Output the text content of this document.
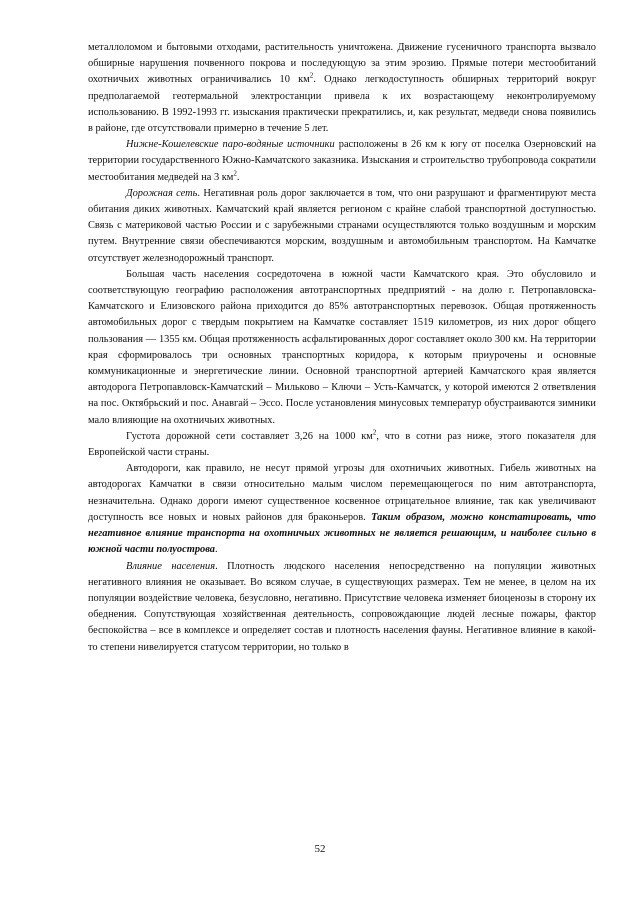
металлоломом и бытовыми отходами, растительность уничтожена. Движение гусеничного транспорта вызвало обширные нарушения почвенного покрова и последующую за этим эрозию. Прямые потери местообитаний охотничьих животных ограничивались 10 $км^2$. Однако легкодоступность обширных территорий вокруг предполагаемой геотермальной электростанции привела к их возрастающему неконтролируемому использованию. В 1992-1993 гг. изыскания практически прекратились, и, как результат, медведи снова появились в районе, где отсутствовали примерно в течение 5 лет.

Нижне-Кошелевские паро-водяные источники расположены в 26 км к югу от поселка Озерновский на территории государственного Южно-Камчатского заказника. Изыскания и строительство трубопровода сократили местообитания медведей на 3 $км^2$.

Дорожная сеть. Негативная роль дорог заключается в том, что они разрушают и фрагментируют места обитания диких животных. Камчатский край является регионом с крайне слабой транспортной доступностью. Связь с материковой частью России и с зарубежными странами осуществляются только воздушным и морским путем. Внутренние связи обеспечиваются морским, воздушным и автомобильным транспортом. На Камчатке отсутствует железнодорожный транспорт.

Большая часть населения сосредоточена в южной части Камчатского края. Это обусловило и соответствующую географию расположения автотранспортных предприятий - на долю г. Петропавловска-Камчатского и Елизовского района приходится до 85% автотранспортных перевозок. Общая протяженность автомобильных дорог с твердым покрытием на Камчатке составляет 1519 километров, из них дорог общего пользования — 1355 км. Общая протяженность асфальтированных дорог составляет около 300 км. На территории края сформировалось три основных транспортных коридора, к которым приурочены и основные коммуникационные и энергетические линии. Основной транспортной артерией Камчатского края является автодорога Петропавловск-Камчатский – Мильково – Ключи – Усть-Камчатск, у которой имеются 2 ответвления на пос. Октябрьский и пос. Анавгай – Эссо. После установления минусовых температур обустраиваются зимники мало влияющие на охотничьих животных.

Густота дорожной сети составляет 3,26 на 1000 $км^2$, что в сотни раз ниже, этого показателя для Европейской части страны.

Автодороги, как правило, не несут прямой угрозы для охотничьих животных. Гибель животных на автодорогах Камчатки в связи относительно малым числом перемещающегося по ним автотранспорта, незначительна. Однако дороги имеют существенное косвенное отрицательное влияние, так как увеличивают доступность все новых и новых районов для браконьеров. Таким образом, можно констатировать, что негативное влияние транспорта на охотничьих животных не является решающим, и наиболее сильно в южной части полуострова.

Влияние населения. Плотность людского населения непосредственно на популяции животных негативного влияния не оказывает. Во всяком случае, в существующих размерах. Тем не менее, в целом на их популяции воздействие человека, безусловно, негативно. Присутствие человека изменяет биоценозы в сторону их обеднения. Сопутствующая хозяйственная деятельность, сопровождающие людей лесные пожары, фактор беспокойства – все в комплексе и определяет состав и плотность населения фауны. Негативное влияние в какой-то степени нивелируется статусом территории, но только в

52
